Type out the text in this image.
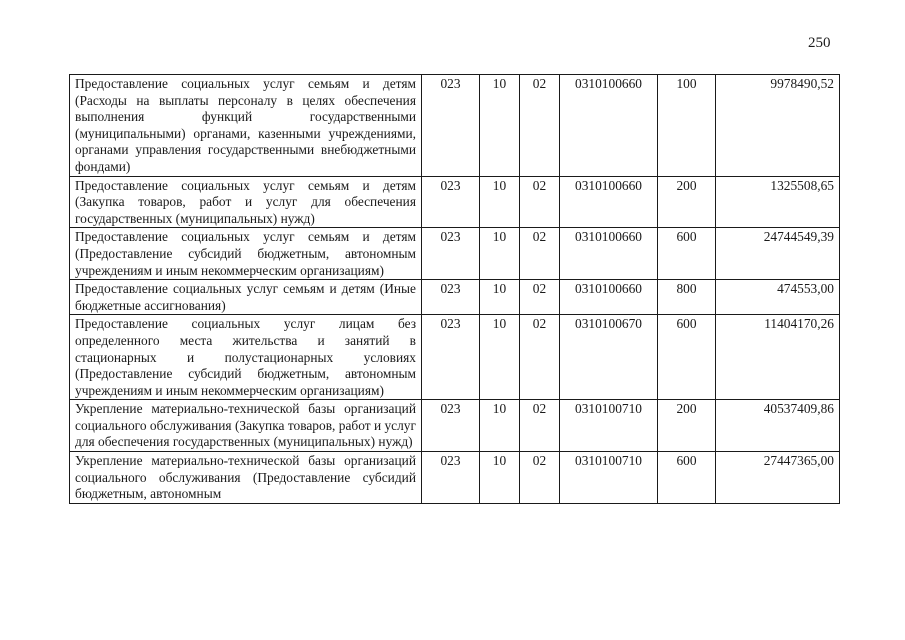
250
Предоставление социальных услуг семьям и детям (Расходы на выплаты персоналу в целях обеспечения выполнения функций государственными (муниципальными) органами, казенными учреждениями, органами управления государственными внебюджетными фондами)	023	10	02	0310100660	100	9978490,52
Предоставление социальных услуг семьям и детям (Закупка товаров, работ и услуг для обеспечения государственных (муниципальных) нужд)	023	10	02	0310100660	200	1325508,65
Предоставление социальных услуг семьям и детям (Предоставление субсидий бюджетным, автономным учреждениям и иным некоммерческим организациям)	023	10	02	0310100660	600	24744549,39
Предоставление социальных услуг семьям и детям (Иные бюджетные ассигнования)	023	10	02	0310100660	800	474553,00
Предоставление социальных услуг лицам без определенного места жительства и занятий в стационарных и полустационарных условиях (Предоставление субсидий бюджетным, автономным учреждениям и иным некоммерческим организациям)	023	10	02	0310100670	600	11404170,26
Укрепление материально-технической базы организаций социального обслуживания (Закупка товаров, работ и услуг для обеспечения государственных (муниципальных) нужд)	023	10	02	0310100710	200	40537409,86
Укрепление материально-технической базы организаций социального обслуживания (Предоставление субсидий бюджетным, автономным	023	10	02	0310100710	600	27447365,00
